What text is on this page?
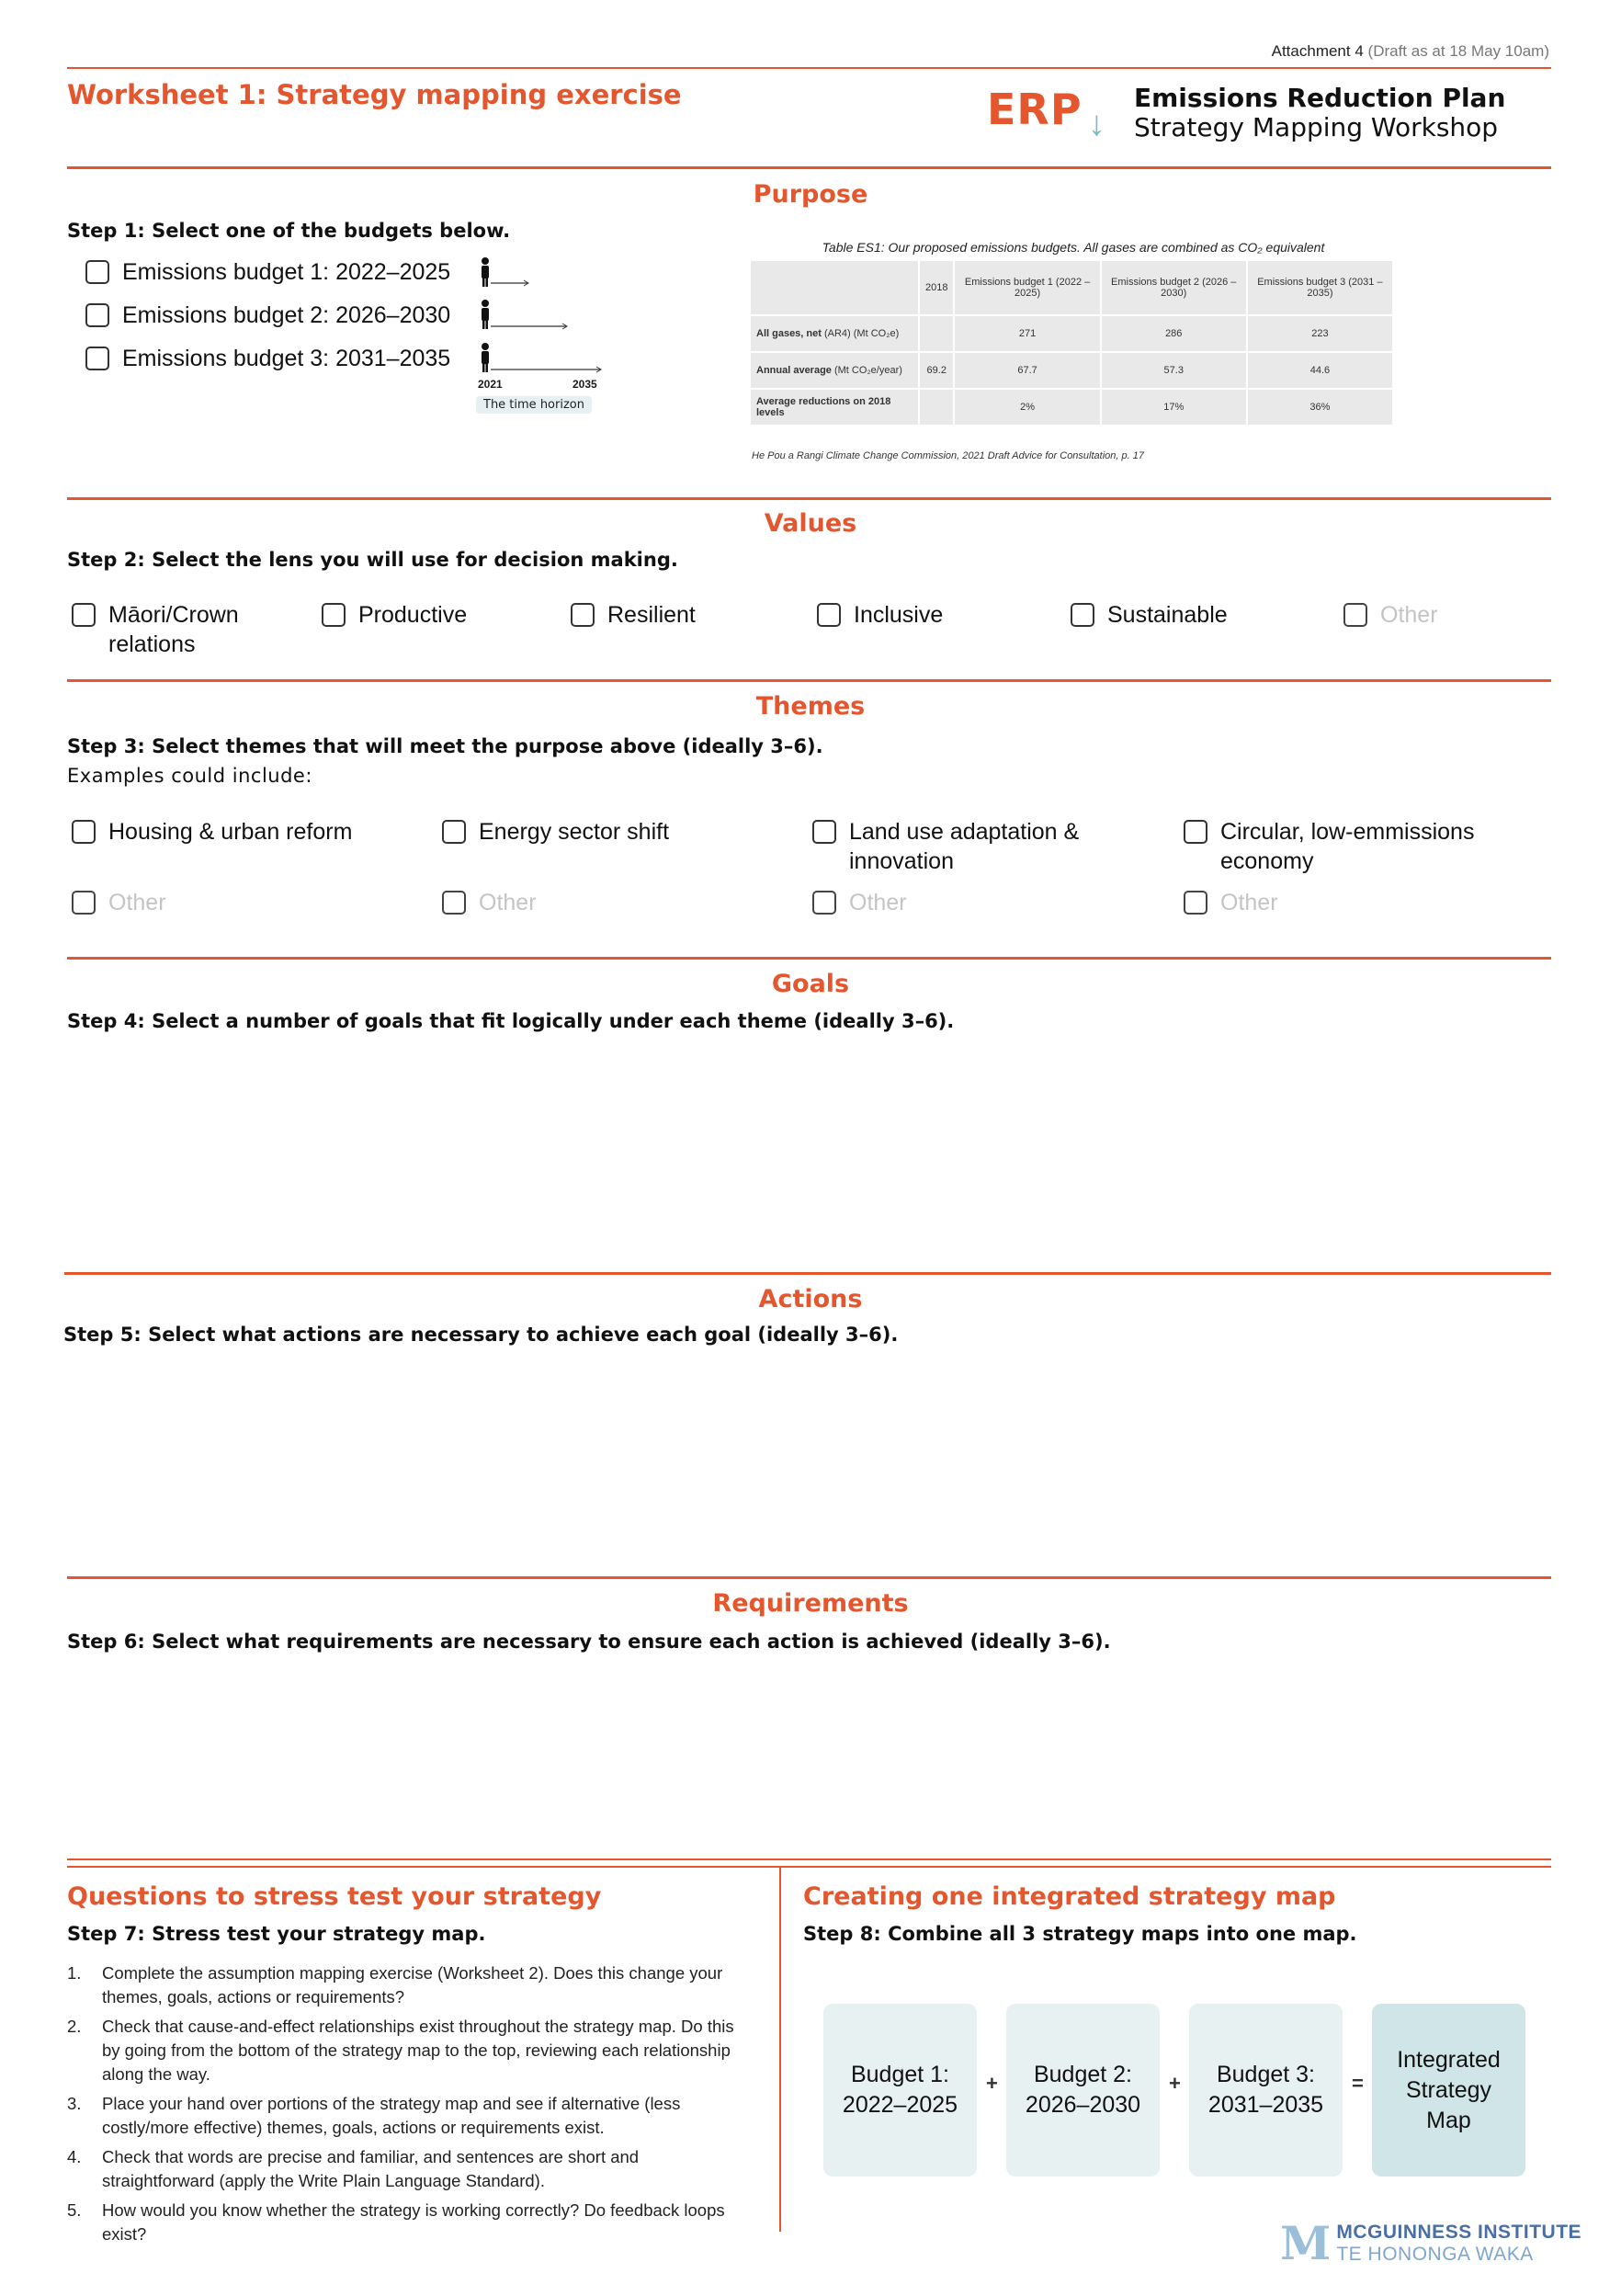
Attachment 4 (Draft as at 18 May 10am)
Worksheet 1: Strategy mapping exercise	ERP ↓
Emissions Reduction Plan
Strategy Mapping Workshop
Purpose
Step 1: Select one of the budgets below.
Emissions budget 1: 2022–2025
Emissions budget 2: 2026–2030
Emissions budget 3: 2031–2035
2021	2035
The time horizon
Table ES1: Our proposed emissions budgets. All gases are combined as CO₂ equivalent
	2018	Emissions budget 1 (2022 – 2025)	Emissions budget 2 (2026 – 2030)	Emissions budget 3 (2031 – 2035)
All gases, net (AR4) (Mt CO₂e)		271	286	223
Annual average (Mt CO₂e/year)	69.2	67.7	57.3	44.6
Average reductions on 2018 levels		2%	17%	36%
He Pou a Rangi Climate Change Commission, 2021 Draft Advice for Consultation, p. 17
Values
Step 2: Select the lens you will use for decision making.
Māori/Crown relations
Productive	Resilient	Inclusive	Sustainable	Other
Themes
Step 3: Select themes that will meet the purpose above (ideally 3–6).
Examples could include:
Housing & urban reform	Energy sector shift	Land use adaptation & innovation
Circular, low-emmissions economy
Other	Other	Other	Other
Goals
Step 4: Select a number of goals that fit logically under each theme (ideally 3–6).
Actions
Step 5: Select what actions are necessary to achieve each goal (ideally 3–6).
Requirements
Step 6: Select what requirements are necessary to ensure each action is achieved (ideally 3–6).
Questions to stress test your strategy
Step 7: Stress test your strategy map.
1.	Complete the assumption mapping exercise (Worksheet 2). Does this change your themes, goals, actions or requirements?
2.	Check that cause-and-effect relationships exist throughout the strategy map. Do this by going from the bottom of the strategy map to the top, reviewing each relationship along the way.
3.	Place your hand over portions of the strategy map and see if alternative (less costly/more effective) themes, goals, actions or requirements exist.
4.	Check that words are precise and familiar, and sentences are short and straightforward (apply the Write Plain Language Standard).
5.	How would you know whether the strategy is working correctly? Do feedback loops exist?
Creating one integrated strategy map
Step 8: Combine all 3 strategy maps into one map.
Budget 1:
2022–2025
+	Budget 2:
2026–2030
+	Budget 3:
2031–2035
=
Integrated
Strategy
Map
M MCGUINNESS INSTITUTE
TE HONONGA WAKA
